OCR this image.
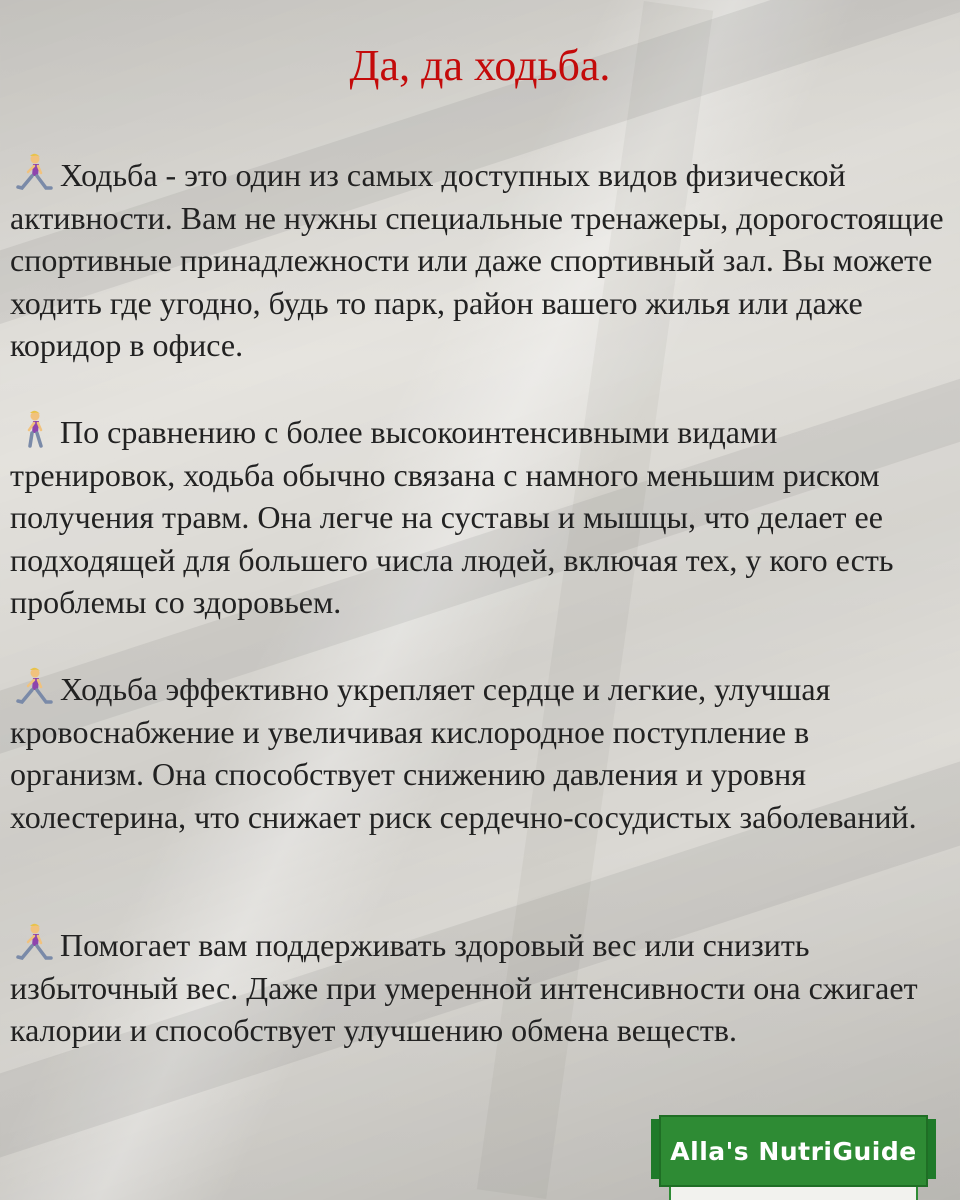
Да, да ходьба.
Ходьба - это один из самых доступных видов физической активности. Вам не нужны специальные тренажеры, дорогостоящие спортивные принадлежности или даже спортивный зал. Вы можете ходить где угодно, будь то парк, район вашего жилья или даже коридор в офисе.
По сравнению с более высокоинтенсивными видами тренировок, ходьба обычно связана с намного меньшим риском получения травм. Она легче на суставы и мышцы, что делает ее подходящей для большего числа людей, включая тех, у кого есть проблемы со здоровьем.
Ходьба эффективно укрепляет сердце и легкие, улучшая кровоснабжение и увеличивая кислородное поступление в организм. Она способствует снижению давления и уровня холестерина, что снижает риск сердечно-сосудистых заболеваний.
Помогает вам поддерживать здоровый вес или снизить избыточный вес. Даже при умеренной интенсивности она сжигает калории и способствует улучшению обмена веществ.
Alla's NutriGuide
